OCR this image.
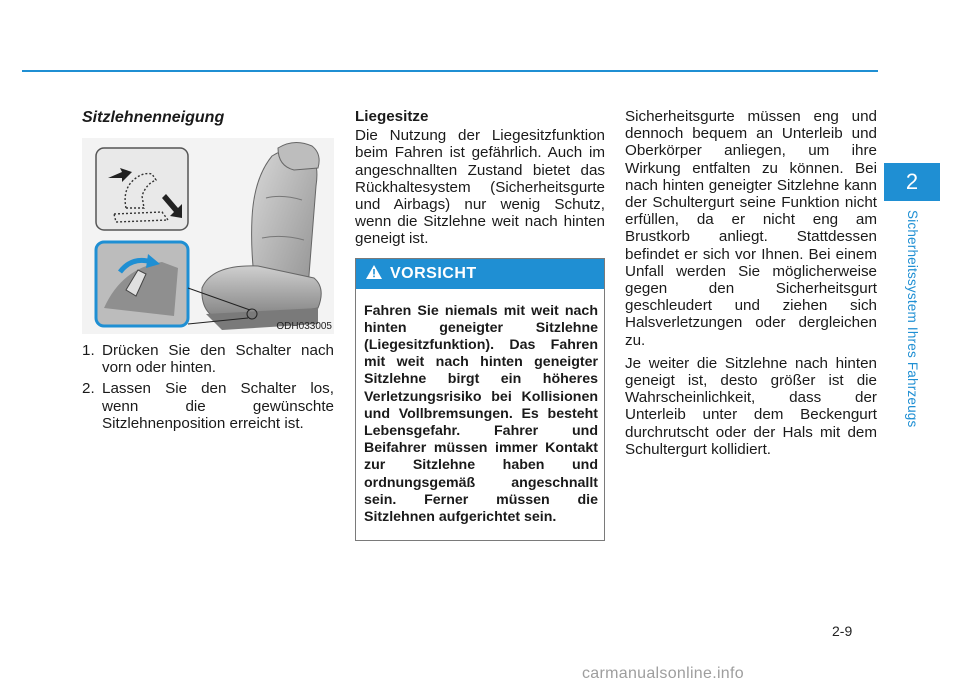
Sitzlehnenneigung
ODH033005
1. Drücken Sie den Schalter nach vorn oder hinten.
2. Lassen Sie den Schalter los, wenn die gewünschte Sitzlehnenposition erreicht ist.
Liegesitze

Die Nutzung der Liegesitzfunktion beim Fahren ist gefährlich. Auch im angeschnallten Zustand bietet das Rückhaltesystem (Sicherheitsgurte und Airbags) nur wenig Schutz, wenn die Sitzlehne weit nach hinten geneigt ist.

VORSICHT
Fahren Sie niemals mit weit nach hinten geneigter Sitzlehne (Liegesitzfunktion). Das Fahren mit weit nach hinten geneigter Sitzlehne birgt ein höheres Verletzungsrisiko bei Kollisionen und Vollbremsungen. Es besteht Lebensgefahr. Fahrer und Beifahrer müssen immer Kontakt zur Sitzlehne haben und ordnungsgemäß angeschnallt sein. Ferner müssen die Sitzlehnen aufgerichtet sein.

Sicherheitsgurte müssen eng und dennoch bequem an Unterleib und Oberkörper anliegen, um ihre Wirkung entfalten zu können. Bei nach hinten geneigter Sitzlehne kann der Schultergurt seine Funktion nicht erfüllen, da er nicht eng am Brustkorb anliegt. Stattdessen befindet er sich vor Ihnen. Bei einem Unfall werden Sie möglicherweise gegen den Sicherheitsgurt geschleudert und ziehen sich Halsverletzungen oder dergleichen zu.

Je weiter die Sitzlehne nach hinten geneigt ist, desto größer ist die Wahrscheinlichkeit, dass der Unterleib unter dem Beckengurt durchrutscht oder der Hals mit dem Schultergurt kollidiert.

2
Sicherheitssystem Ihres Fahrzeugs
2-9
carmanualsonline.info
